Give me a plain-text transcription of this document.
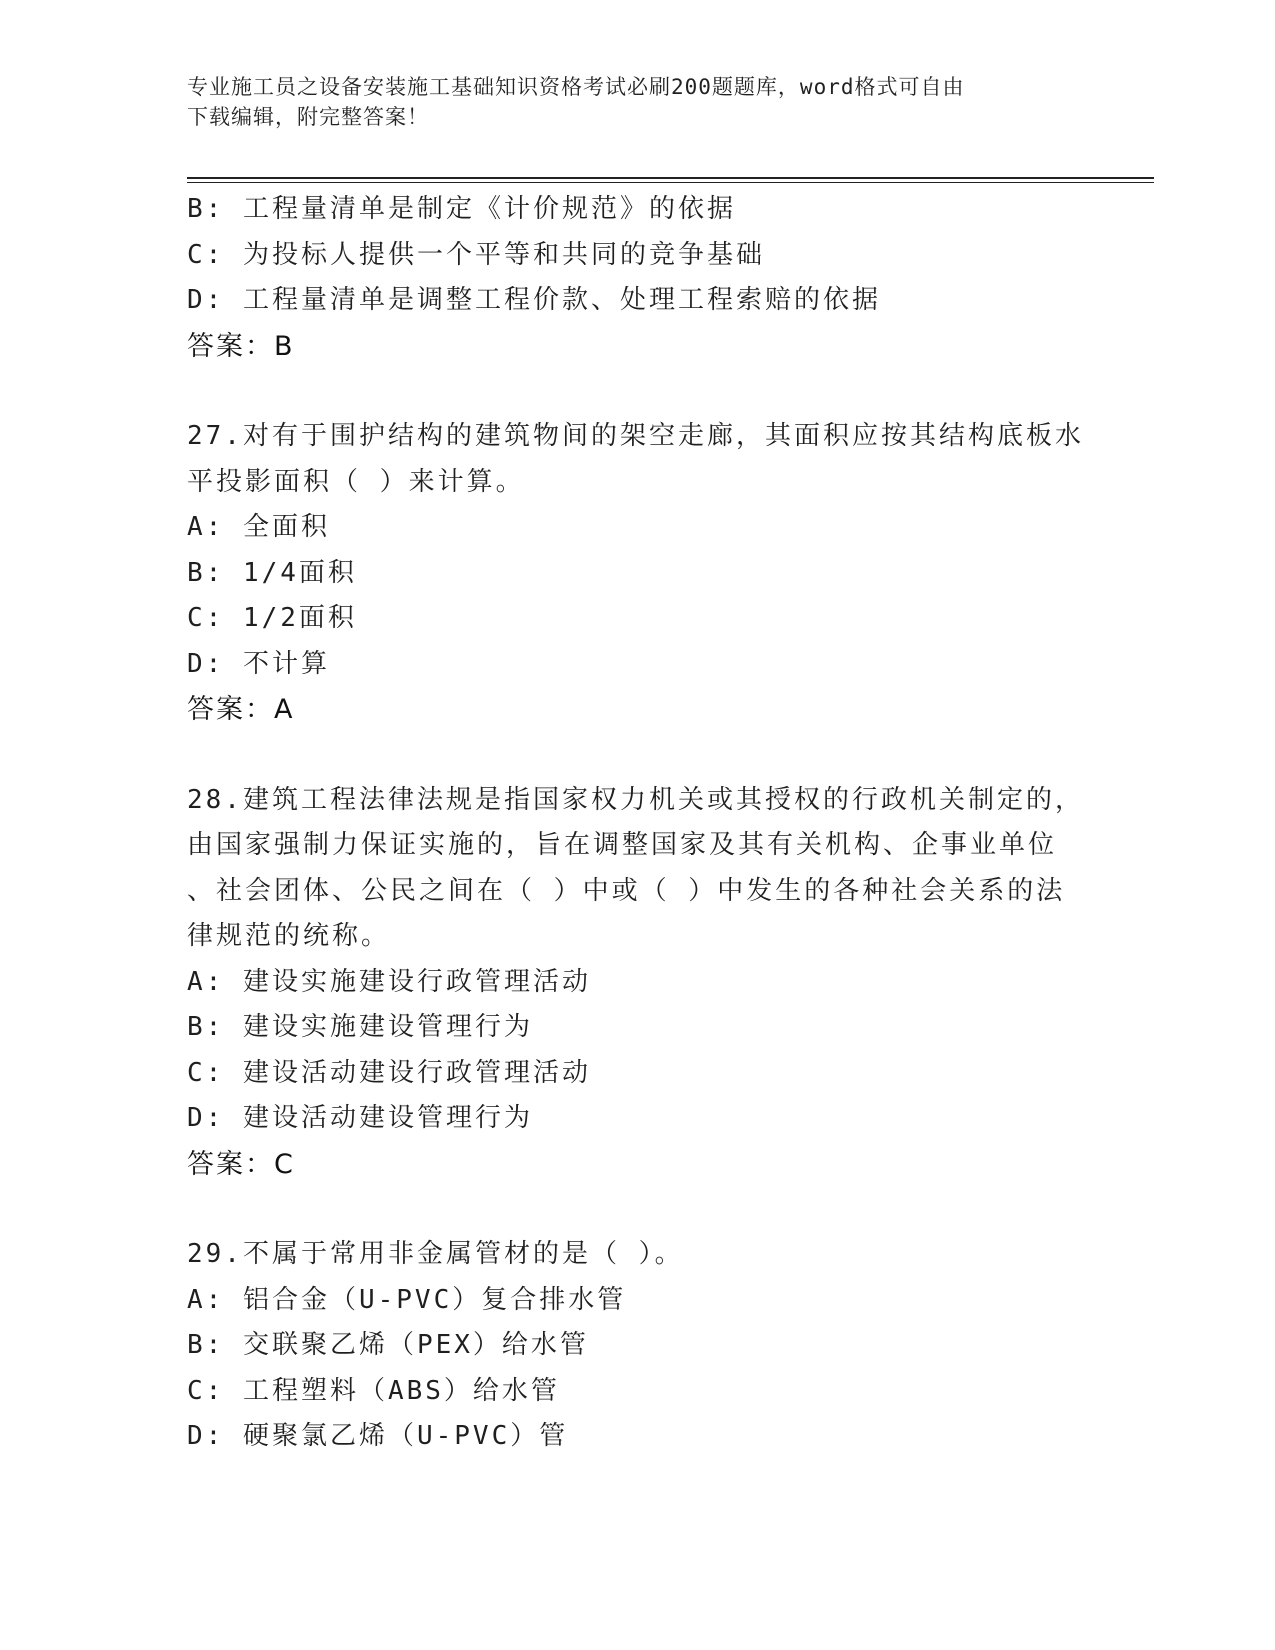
专业施工员之设备安装施工基础知识资格考试必刷200题题库，word格式可自由
下载编辑，附完整答案！
B: 工程量清单是制定《计价规范》的依据
C: 为投标人提供一个平等和共同的竞争基础
D: 工程量清单是调整工程价款、处理工程索赔的依据
答案：B
27.对有于围护结构的建筑物间的架空走廊，其面积应按其结构底板水
平投影面积（ ）来计算。
A: 全面积
B: 1/4面积
C: 1/2面积
D: 不计算
答案：A
28.建筑工程法律法规是指国家权力机关或其授权的行政机关制定的，
由国家强制力保证实施的，旨在调整国家及其有关机构、企事业单位
、社会团体、公民之间在（ ）中或（ ）中发生的各种社会关系的法
律规范的统称。
A: 建设实施建设行政管理活动
B: 建设实施建设管理行为
C: 建设活动建设行政管理活动
D: 建设活动建设管理行为
答案：C
29.不属于常用非金属管材的是（ ）。
A: 铝合金（U-PVC）复合排水管
B: 交联聚乙烯（PEX）给水管
C: 工程塑料（ABS）给水管
D: 硬聚氯乙烯（U-PVC）管
